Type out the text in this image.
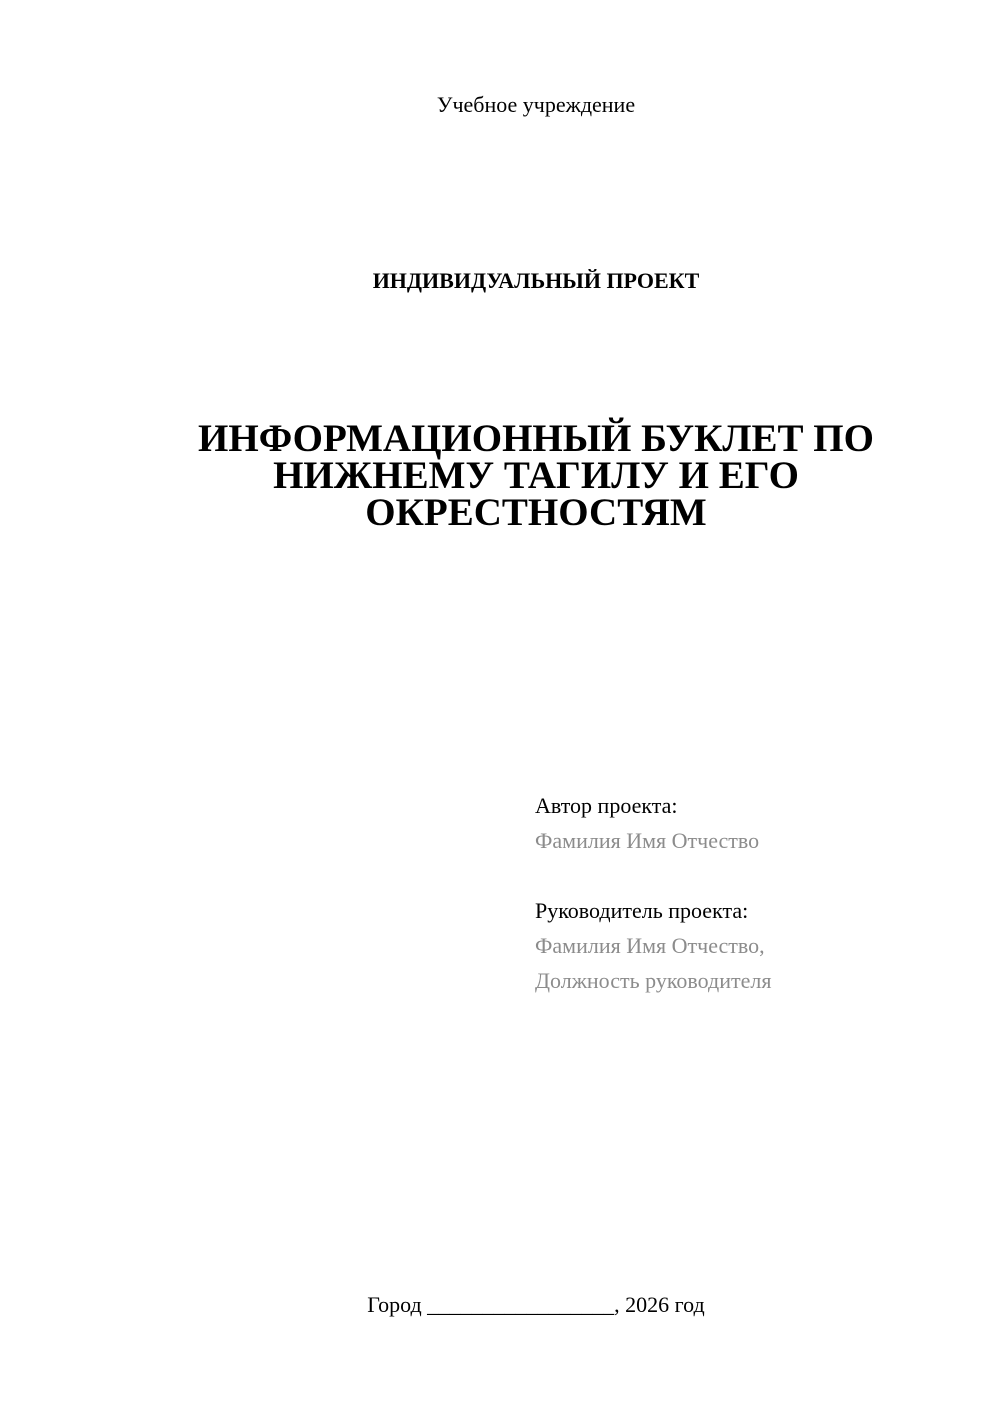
Учебное учреждение
ИНДИВИДУАЛЬНЫЙ ПРОЕКТ
ИНФОРМАЦИОННЫЙ БУКЛЕТ ПО
НИЖНЕМУ ТАГИЛУ И ЕГО
ОКРЕСТНОСТЯМ
Автор проекта:
Фамилия Имя Отчество
Руководитель проекта:
Фамилия Имя Отчество,
Должность руководителя
Город _________________, 2026 год
